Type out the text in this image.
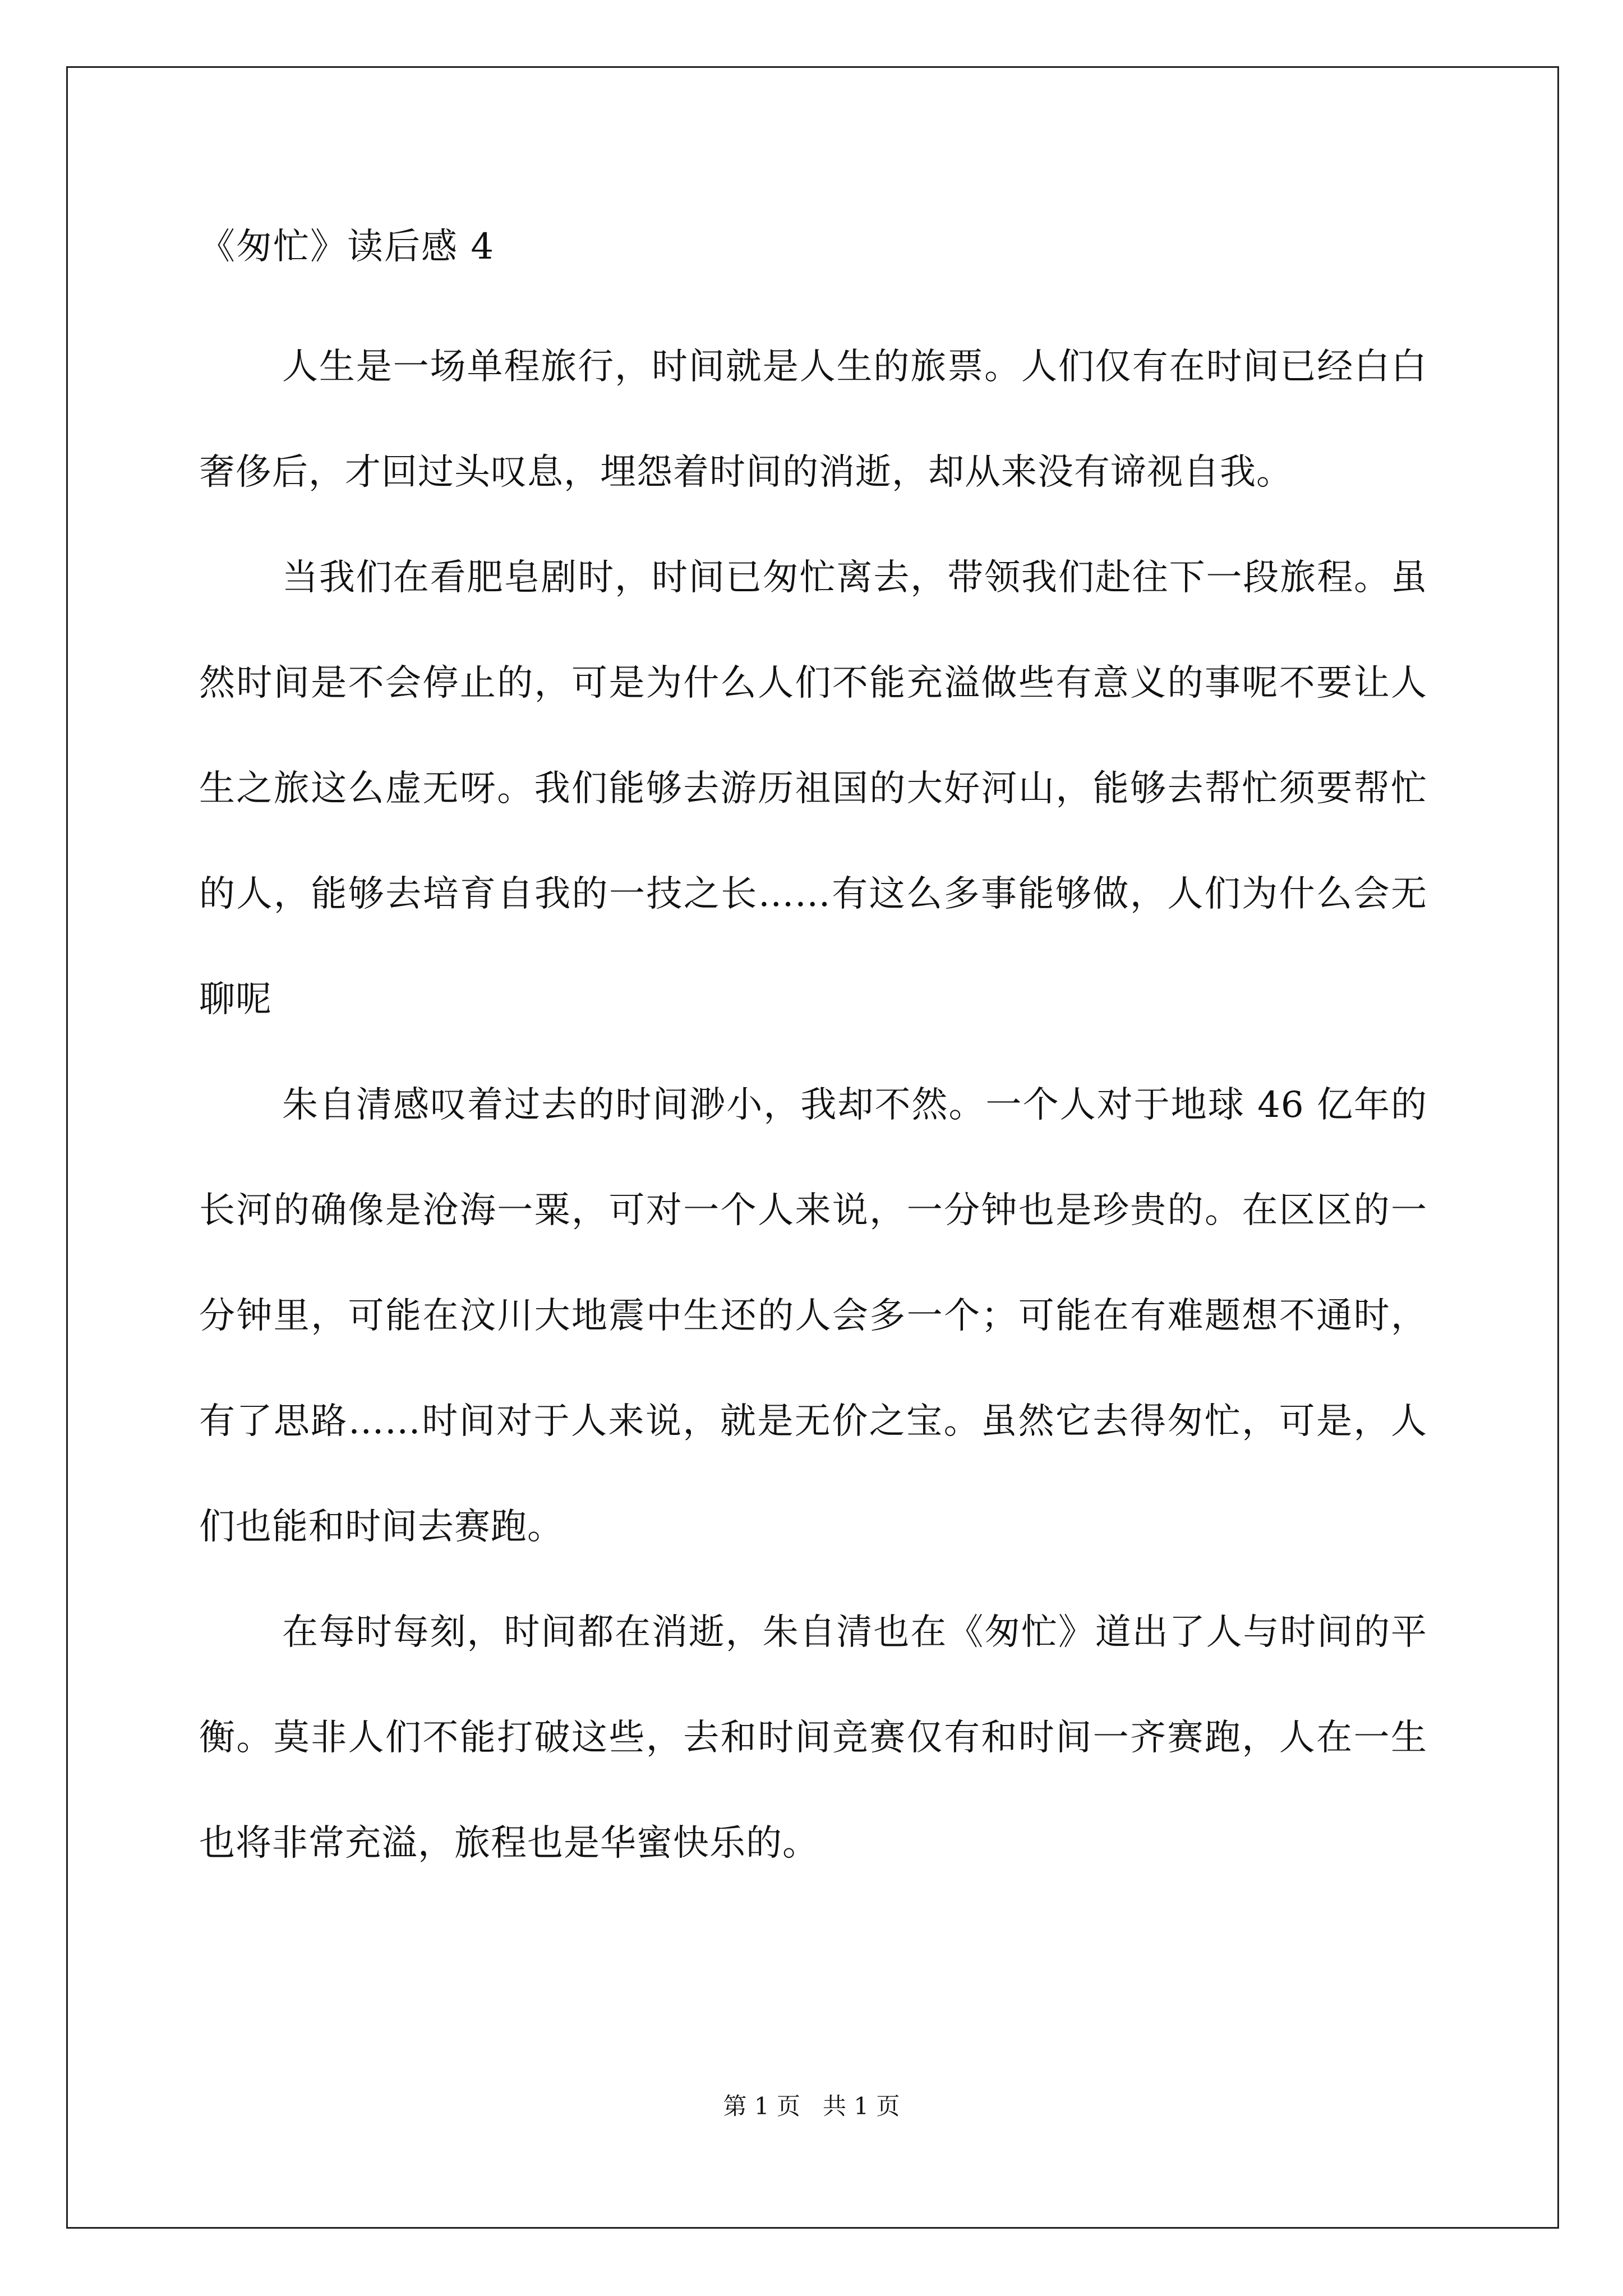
《匆忙》读后感 4

人生是一场单程旅行，时间就是人生的旅票。人们仅有在时间已经白白奢侈后，才回过头叹息，埋怨着时间的消逝，却从来没有谛视自我。

当我们在看肥皂剧时，时间已匆忙离去，带领我们赴往下一段旅程。虽然时间是不会停止的，可是为什么人们不能充溢做些有意义的事呢不要让人生之旅这么虚无呀。我们能够去游历祖国的大好河山，能够去帮忙须要帮忙的人，能够去培育自我的一技之长……有这么多事能够做，人们为什么会无聊呢

朱自清感叹着过去的时间渺小，我却不然。一个人对于地球 46 亿年的长河的确像是沧海一粟，可对一个人来说，一分钟也是珍贵的。在区区的一分钟里，可能在汶川大地震中生还的人会多一个；可能在有难题想不通时，有了思路……时间对于人来说，就是无价之宝。虽然它去得匆忙，可是，人们也能和时间去赛跑。

在每时每刻，时间都在消逝，朱自清也在《匆忙》道出了人与时间的平衡。莫非人们不能打破这些，去和时间竞赛仅有和时间一齐赛跑，人在一生也将非常充溢，旅程也是华蜜快乐的。

第 1 页   共 1 页
